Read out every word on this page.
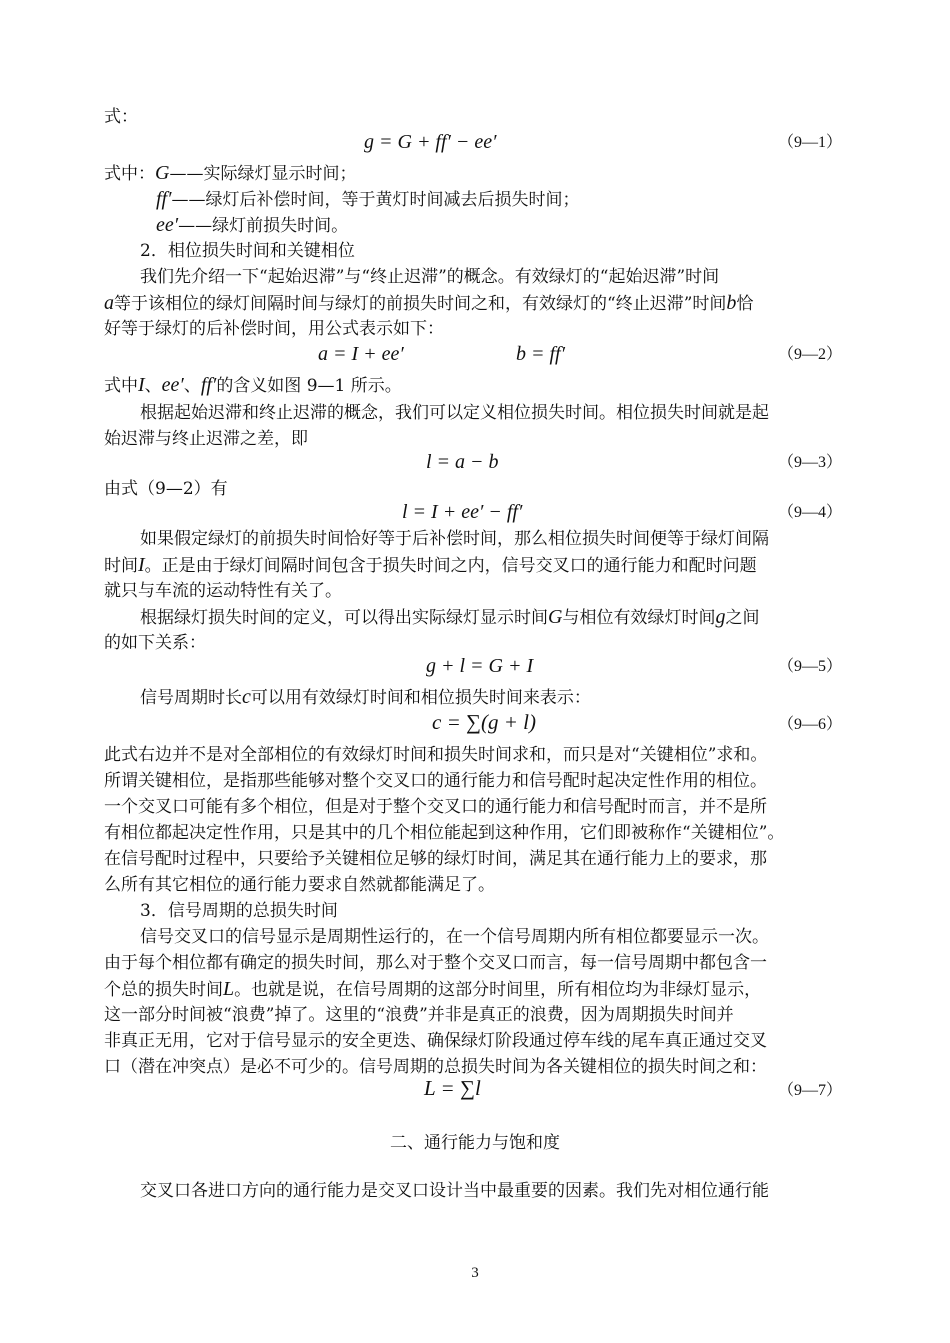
式：
g = G + ff′ − ee′	（9—1）
式中：G——实际绿灯显示时间；
ff′——绿灯后补偿时间，等于黄灯时间减去后损失时间；
ee′——绿灯前损失时间。
2．相位损失时间和关键相位
我们先介绍一下“起始迟滞”与“终止迟滞”的概念。有效绿灯的“起始迟滞”时间
a等于该相位的绿灯间隔时间与绿灯的前损失时间之和，有效绿灯的“终止迟滞”时间b恰
好等于绿灯的后补偿时间，用公式表示如下：
a = I + ee′	b = ff′	（9—2）
式中I、ee′、ff′的含义如图 9—1 所示。
根据起始迟滞和终止迟滞的概念，我们可以定义相位损失时间。相位损失时间就是起
始迟滞与终止迟滞之差，即
l = a − b	（9—3）
由式（9—2）有
l = I + ee′ − ff′	（9—4）
如果假定绿灯的前损失时间恰好等于后补偿时间，那么相位损失时间便等于绿灯间隔
时间I。正是由于绿灯间隔时间包含于损失时间之内，信号交叉口的通行能力和配时问题
就只与车流的运动特性有关了。
根据绿灯损失时间的定义，可以得出实际绿灯显示时间G与相位有效绿灯时间g之间
的如下关系：
g + l = G + I	（9—5）
信号周期时长c可以用有效绿灯时间和相位损失时间来表示：
c = ∑(g + l)	（9—6）
此式右边并不是对全部相位的有效绿灯时间和损失时间求和，而只是对“关键相位”求和。
所谓关键相位，是指那些能够对整个交叉口的通行能力和信号配时起决定性作用的相位。
一个交叉口可能有多个相位，但是对于整个交叉口的通行能力和信号配时而言，并不是所
有相位都起决定性作用，只是其中的几个相位能起到这种作用，它们即被称作“关键相位”。
在信号配时过程中，只要给予关键相位足够的绿灯时间，满足其在通行能力上的要求，那
么所有其它相位的通行能力要求自然就都能满足了。
3．信号周期的总损失时间
信号交叉口的信号显示是周期性运行的，在一个信号周期内所有相位都要显示一次。
由于每个相位都有确定的损失时间，那么对于整个交叉口而言，每一信号周期中都包含一
个总的损失时间L。也就是说，在信号周期的这部分时间里，所有相位均为非绿灯显示，
这一部分时间被“浪费”掉了。这里的“浪费”并非是真正的浪费，因为周期损失时间并
非真正无用，它对于信号显示的安全更迭、确保绿灯阶段通过停车线的尾车真正通过交叉
口（潜在冲突点）是必不可少的。信号周期的总损失时间为各关键相位的损失时间之和：
L = ∑l	（9—7）
二、通行能力与饱和度
交叉口各进口方向的通行能力是交叉口设计当中最重要的因素。我们先对相位通行能
3
